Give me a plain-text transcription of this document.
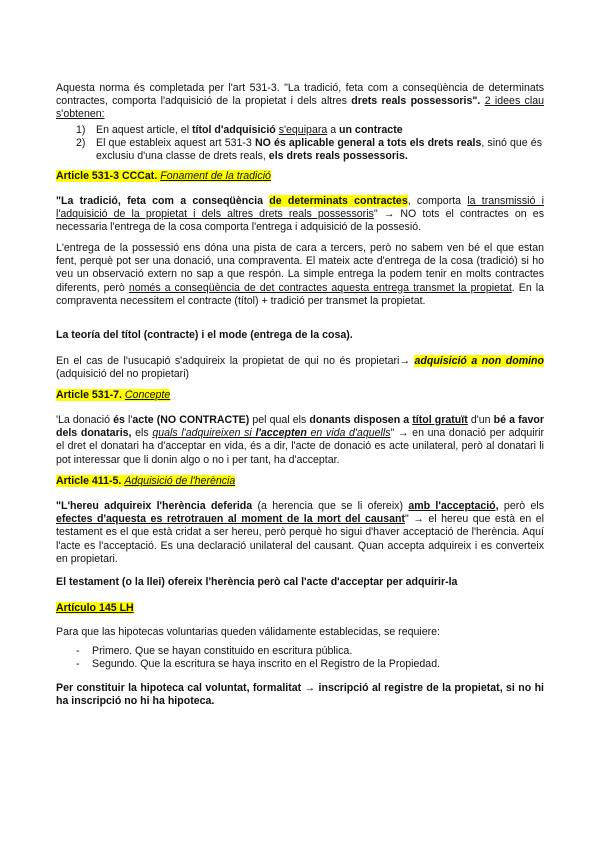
Aquesta norma és completada per l'art 531-3. "La tradició, feta com a conseqüència de determinats contractes, comporta l'adquisició de la propietat i dels altres drets reals possessoris". 2 idees clau s'obtenen:
1) En aquest article, el títol d'adquisició s'equipara a un contracte
2) El que estableix aquest art 531-3 NO és aplicable general a tots els drets reals, sinó que és exclusiu d'una classe de drets reals, els drets reals possessoris.
Article 531-3 CCCat. Fonament de la tradició
"La tradició, feta com a conseqüència de determinats contractes, comporta la transmissió i l'adquisició de la propietat i dels altres drets reals possessoris" → NO tots el contractes on es necessaria l'entrega de la cosa comporta l'entrega i adquisició de la possesió.
L'entrega de la possessió ens dóna una pista de cara a tercers, però no sabem ven bé el que estan fent, perquè pot ser una donació, una compraventa. El mateix acte d'entrega de la cosa (tradició) si ho veu un observació extern no sap a que respón. La simple entrega la podem tenir en molts contractes diferents, però només a conseqüència de det contractes aquesta entrega transmet la propietat. En la compraventa necessitem el contracte (títol) + tradició per transmet la propietat.
La teoría del títol (contracte) i el mode (entrega de la cosa).
En el cas de l'usucapió s'adquireix la propietat de qui no és propietari→ adquisició a non domino (adquisició del no propietari)
Article 531-7. Concepte
'La donació és l'acte (NO CONTRACTE) pel qual els donants disposen a títol gratuït d'un bé a favor dels donataris, els quals l'adquireixen si l'accepten en vida d'aquells" → en una donació per adquirir el dret el donatari ha d'acceptar en vida, és a dir, l'acte de donació es acte unilateral, però al donatari li pot interessar que li donin algo o no i per tant, ha d'acceptar.
Article 411-5. Adquisició de l'herència
"L'hereu adquireix l'herència deferida (a herencia que se li ofereix) amb l'acceptació, però els efectes d'aquesta es retrotrauen al moment de la mort del causant" → el hereu que està en el testament es el que està cridat a ser hereu, però perquè ho sigui d'haver acceptació de l'herència. Aquí l'acte es l'acceptació. Es una declaració unilateral del causant. Quan accepta adquireix i es converteix en propietari.
El testament (o la llei) ofereix l'herència però cal l'acte d'acceptar per adquirir-la
Artículo 145 LH
Para que las hipotecas voluntarias queden válidamente establecidas, se requiere:
- Primero. Que se hayan constituido en escritura pública.
- Segundo. Que la escritura se haya inscrito en el Registro de la Propiedad.
Per constituir la hipoteca cal voluntat, formalitat → inscripció al registre de la propietat, si no hi ha inscripció no hi ha hipoteca.
